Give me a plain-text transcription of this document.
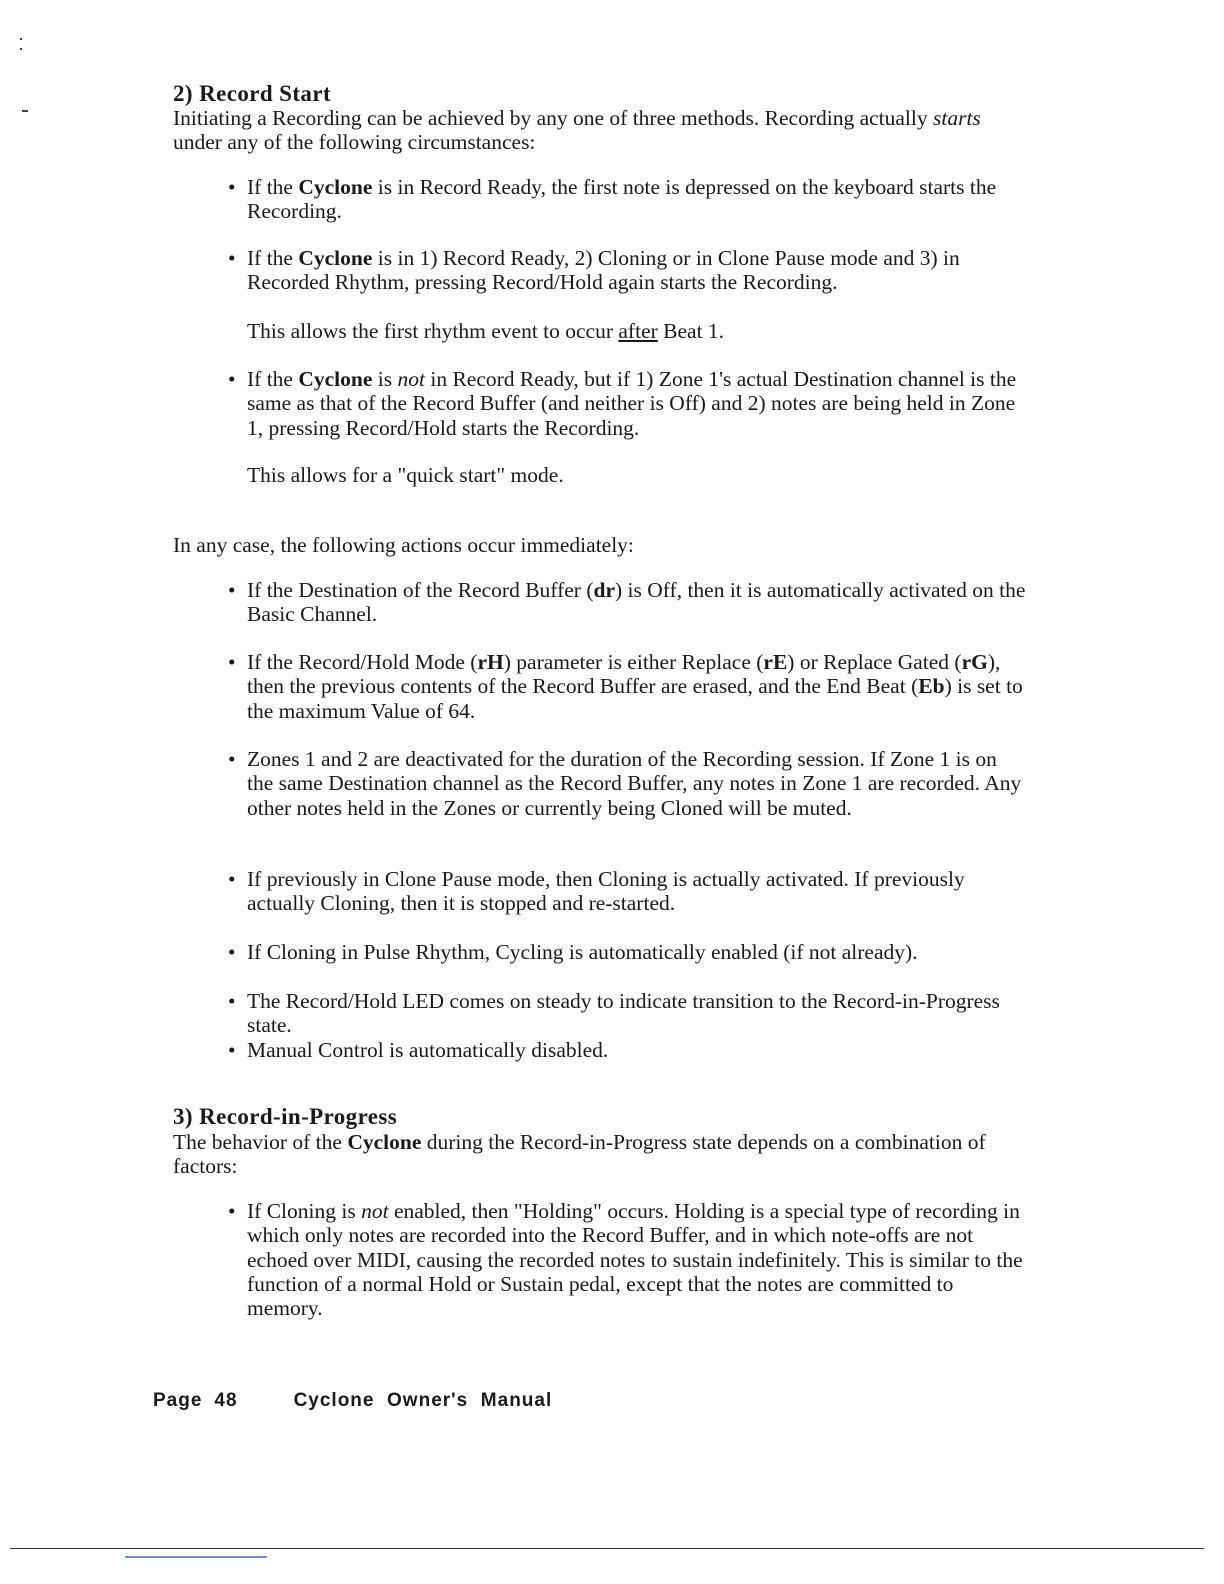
2) Record Start
Initiating a Recording can be achieved by any one of three methods. Recording actually starts under any of the following circumstances:
• If the Cyclone is in Record Ready, the first note is depressed on the keyboard starts the Recording.
• If the Cyclone is in 1) Record Ready, 2) Cloning or in Clone Pause mode and 3) in Recorded Rhythm, pressing Record/Hold again starts the Recording.
This allows the first rhythm event to occur after Beat 1.
• If the Cyclone is not in Record Ready, but if 1) Zone 1's actual Destination channel is the same as that of the Record Buffer (and neither is Off) and 2) notes are being held in Zone 1, pressing Record/Hold starts the Recording.
This allows for a "quick start" mode.
In any case, the following actions occur immediately:
• If the Destination of the Record Buffer (dr) is Off, then it is automatically activated on the Basic Channel.
• If the Record/Hold Mode (rH) parameter is either Replace (rE) or Replace Gated (rG), then the previous contents of the Record Buffer are erased, and the End Beat (Eb) is set to the maximum Value of 64.
• Zones 1 and 2 are deactivated for the duration of the Recording session. If Zone 1 is on the same Destination channel as the Record Buffer, any notes in Zone 1 are recorded. Any other notes held in the Zones or currently being Cloned will be muted.
• If previously in Clone Pause mode, then Cloning is actually activated. If previously actually Cloning, then it is stopped and re-started.
• If Cloning in Pulse Rhythm, Cycling is automatically enabled (if not already).
• The Record/Hold LED comes on steady to indicate transition to the Record-in-Progress state.
• Manual Control is automatically disabled.
3) Record-in-Progress
The behavior of the Cyclone during the Record-in-Progress state depends on a combination of factors:
• If Cloning is not enabled, then "Holding" occurs. Holding is a special type of recording in which only notes are recorded into the Record Buffer, and in which note-offs are not echoed over MIDI, causing the recorded notes to sustain indefinitely. This is similar to the function of a normal Hold or Sustain pedal, except that the notes are committed to memory.
Page 48	Cyclone  Owner's  Manual
